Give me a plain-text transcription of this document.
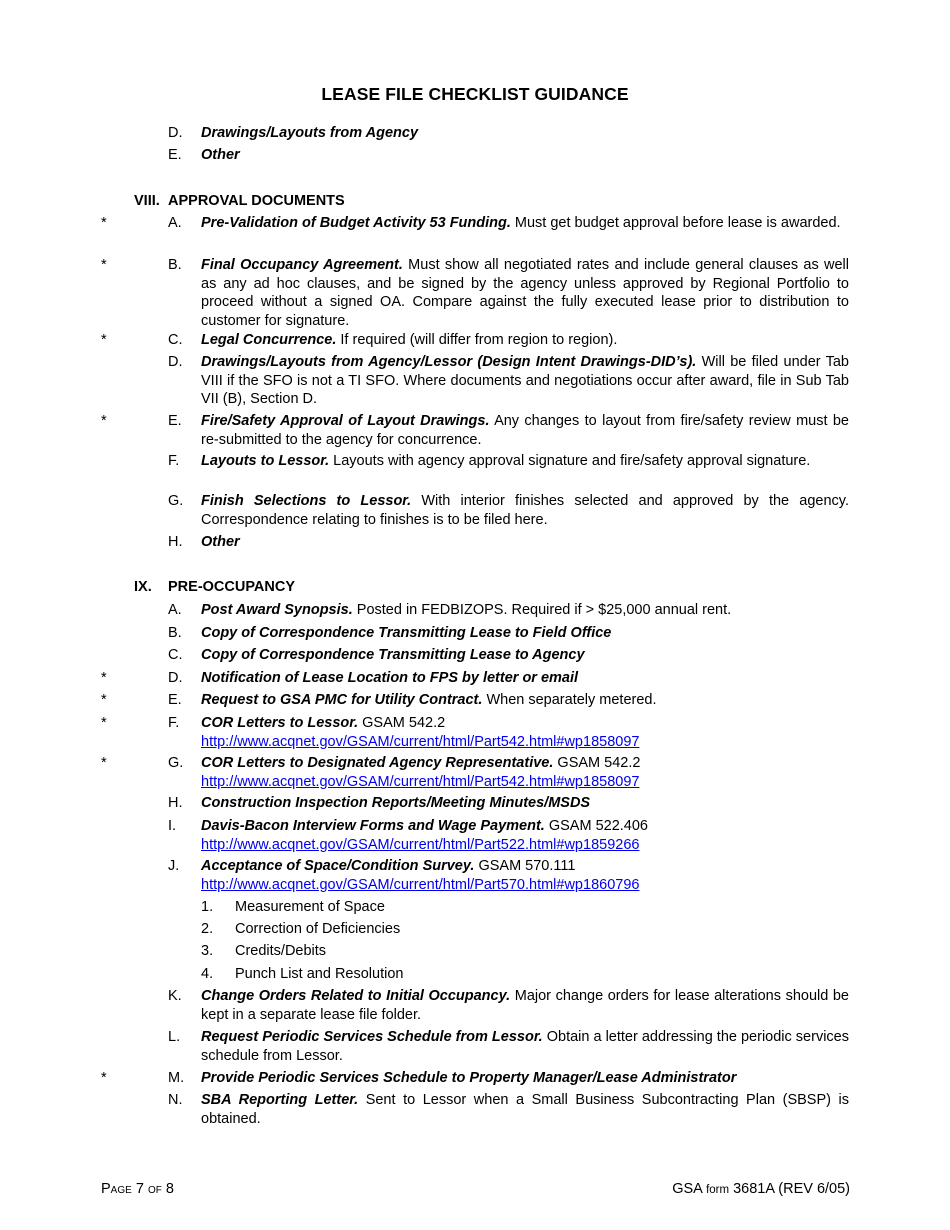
LEASE FILE CHECKLIST GUIDANCE
D. Drawings/Layouts from Agency
E. Other
VIII. APPROVAL DOCUMENTS
*	A. Pre-Validation of Budget Activity 53 Funding. Must get budget approval before lease is awarded.
*	B. Final Occupancy Agreement. Must show all negotiated rates and include general clauses as well as any ad hoc clauses, and be signed by the agency unless approved by Regional Portfolio to proceed without a signed OA. Compare against the fully executed lease prior to distribution to customer for signature.
*	C. Legal Concurrence. If required (will differ from region to region).
D. Drawings/Layouts from Agency/Lessor (Design Intent Drawings-DID’s). Will be filed under Tab VIII if the SFO is not a TI SFO. Where documents and negotiations occur after award, file in Sub Tab VII (B), Section D.
*	E. Fire/Safety Approval of Layout Drawings. Any changes to layout from fire/safety review must be re-submitted to the agency for concurrence.
F. Layouts to Lessor. Layouts with agency approval signature and fire/safety approval signature.
G. Finish Selections to Lessor. With interior finishes selected and approved by the agency. Correspondence relating to finishes is to be filed here.
H. Other
IX. PRE-OCCUPANCY
A. Post Award Synopsis. Posted in FEDBIZOPS. Required if > $25,000 annual rent.
B. Copy of Correspondence Transmitting Lease to Field Office
C. Copy of Correspondence Transmitting Lease to Agency
*	D. Notification of Lease Location to FPS by letter or email
*	E. Request to GSA PMC for Utility Contract. When separately metered.
*	F. COR Letters to Lessor. GSAM 542.2
http://www.acqnet.gov/GSAM/current/html/Part542.html#wp1858097
*	G. COR Letters to Designated Agency Representative. GSAM 542.2
http://www.acqnet.gov/GSAM/current/html/Part542.html#wp1858097
H. Construction Inspection Reports/Meeting Minutes/MSDS
I. Davis-Bacon Interview Forms and Wage Payment. GSAM 522.406
http://www.acqnet.gov/GSAM/current/html/Part522.html#wp1859266
J. Acceptance of Space/Condition Survey. GSAM 570.111
http://www.acqnet.gov/GSAM/current/html/Part570.html#wp1860796
1. Measurement of Space
2. Correction of Deficiencies
3. Credits/Debits
4. Punch List and Resolution
K. Change Orders Related to Initial Occupancy. Major change orders for lease alterations should be kept in a separate lease file folder.
L. Request Periodic Services Schedule from Lessor. Obtain a letter addressing the periodic services schedule from Lessor.
*	M. Provide Periodic Services Schedule to Property Manager/Lease Administrator
N. SBA Reporting Letter. Sent to Lessor when a Small Business Subcontracting Plan (SBSP) is obtained.
Page 7 of 8	GSA form 3681A (REV 6/05)
